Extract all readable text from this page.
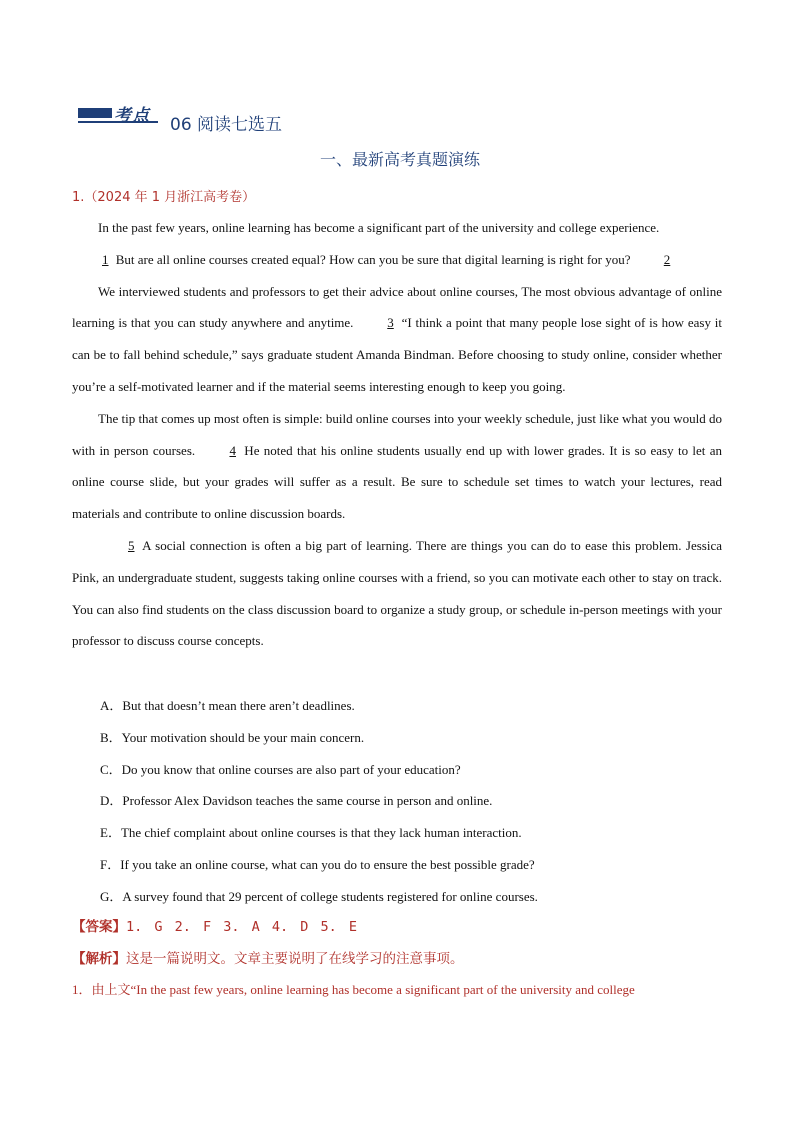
考点 06 阅读七选五
一、最新高考真题演练
1.（2024 年 1 月浙江高考卷）

In the past few years, online learning has become a significant part of the university and college experience.
1 But are all online courses created equal? How can you be sure that digital learning is right for you?	2

We interviewed students and professors to get their advice about online courses, The most obvious advantage of online learning is that you can study anywhere and anytime.	3 “I think a point that many people lose sight of is how easy it can be to fall behind schedule,” says graduate student Amanda Bindman. Before choosing to study online, consider whether you’re a self-motivated learner and if the material seems interesting enough to keep you going.

The tip that comes up most often is simple: build online courses into your weekly schedule, just like what you would do with in person courses.	4 He noted that his online students usually end up with lower grades. It is so easy to let an online course slide, but your grades will suffer as a result. Be sure to schedule set times to watch your lectures, read materials and contribute to online discussion boards.

5 A social connection is often a big part of learning. There are things you can do to ease this problem. Jessica Pink, an undergraduate student, suggests taking online courses with a friend, so you can motivate each other to stay on track. You can also find students on the class discussion board to organize a study group, or schedule in-person meetings with your professor to discuss course concepts.

A．But that doesn’t mean there aren’t deadlines.

B．Your motivation should be your main concern.

C．Do you know that online courses are also part of your education?

D．Professor Alex Davidson teaches the same course in person and online.

E．The chief complaint about online courses is that they lack human interaction.

F．If you take an online course, what can you do to ensure the best possible grade?

G．A survey found that 29 percent of college students registered for online courses.

【答案】1. G 2. F 3. A 4. D 5. E
【解析】这是一篇说明文。文章主要说明了在线学习的注意事项。
1．由上文“In the past few years, online learning has become a significant part of the university and college
